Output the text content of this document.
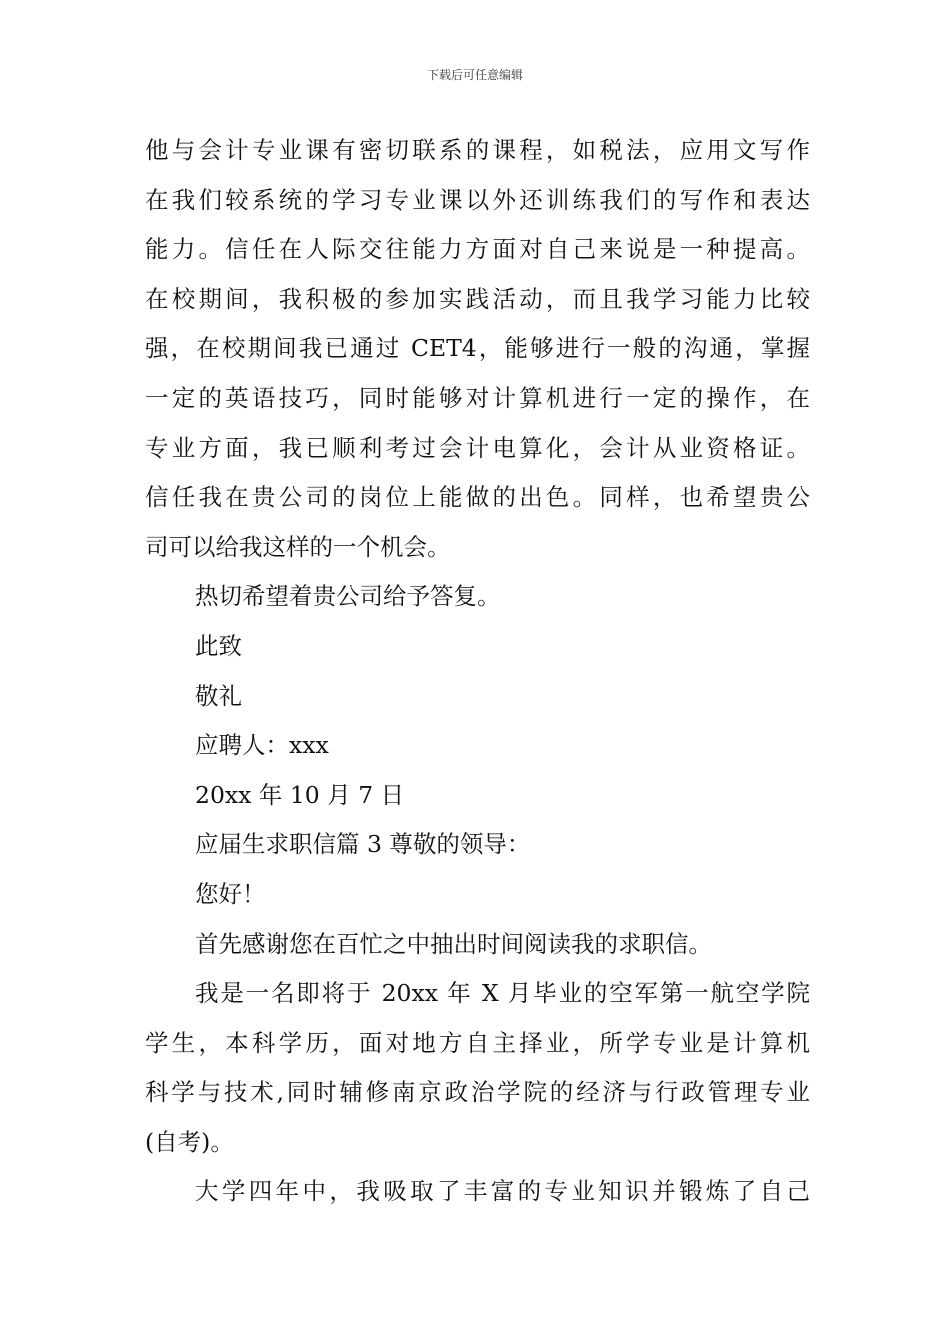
下载后可任意编辑
他与会计专业课有密切联系的课程，如税法，应用文写作
在我们较系统的学习专业课以外还训练我们的写作和表达
能力。信任在人际交往能力方面对自己来说是一种提高。
在校期间，我积极的参加实践活动，而且我学习能力比较
强，在校期间我已通过 CET4，能够进行一般的沟通，掌握
一定的英语技巧，同时能够对计算机进行一定的操作，在
专业方面，我已顺利考过会计电算化，会计从业资格证。
信任我在贵公司的岗位上能做的出色。同样，也希望贵公
司可以给我这样的一个机会。
热切希望着贵公司给予答复。
此致
敬礼
应聘人：xxx
20xx 年 10 月 7 日
应届生求职信篇 3 尊敬的领导：
您好！
首先感谢您在百忙之中抽出时间阅读我的求职信。
我是一名即将于 20xx 年 X 月毕业的空军第一航空学院
学生，本科学历，面对地方自主择业，所学专业是计算机
科学与技术,同时辅修南京政治学院的经济与行政管理专业
(自考)。
大学四年中，我吸取了丰富的专业知识并锻炼了自己
